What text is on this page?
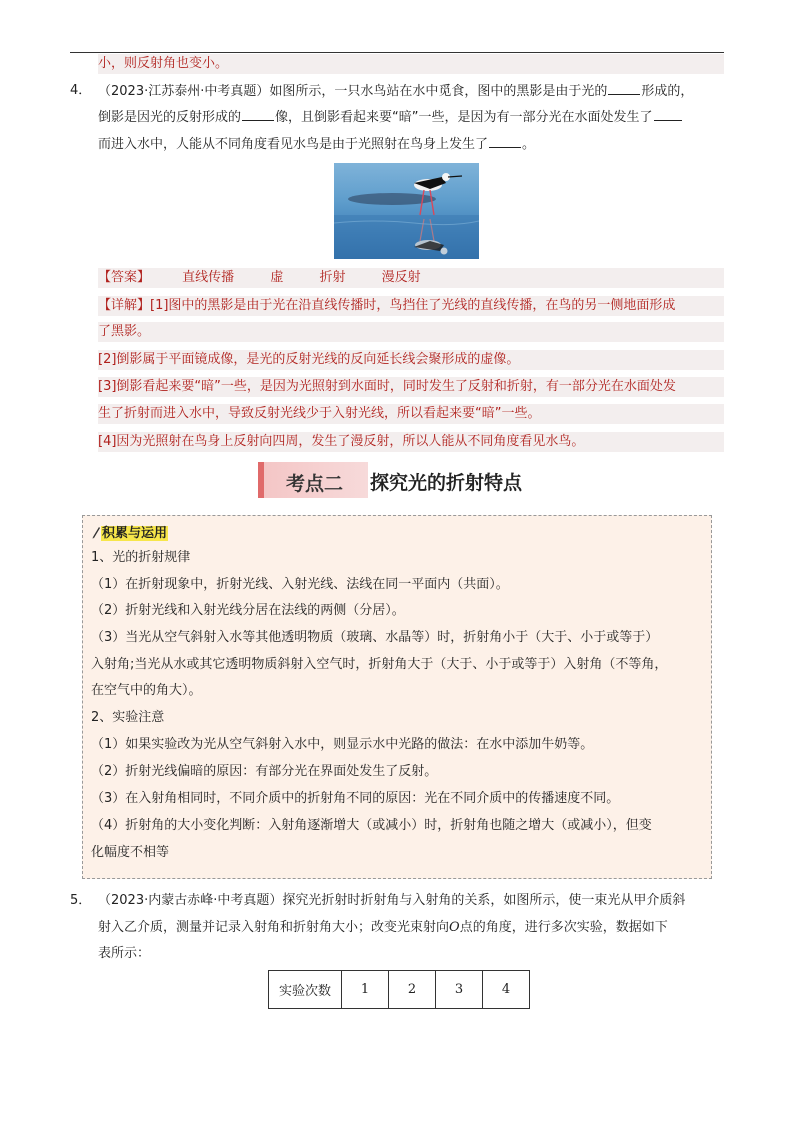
小，则反射角也变小。
4． （2023·江苏泰州·中考真题）如图所示，一只水鸟站在水中觅食，图中的黑影是由于光的	形成的，
倒影是因光的反射形成的	像，且倒影看起来要“暗”一些，是因为有一部分光在水面处发生了
而进入水中，人能从不同角度看见水鸟是由于光照射在鸟身上发生了	。
【答案】 直线传播	虚	折射	漫反射
【详解】[1]图中的黑影是由于光在沿直线传播时，鸟挡住了光线的直线传播，在鸟的另一侧地面形成
了黑影。
[2]倒影属于平面镜成像，是光的反射光线的反向延长线会聚形成的虚像。
[3]倒影看起来要“暗”一些，是因为光照射到水面时，同时发生了反射和折射，有一部分光在水面处发
生了折射而进入水中，导致反射光线少于入射光线，所以看起来要“暗”一些。
[4]因为光照射在鸟身上反射向四周，发生了漫反射，所以人能从不同角度看见水鸟。
考点二 探究光的折射特点
积累与运用
1、光的折射规律
（1）在折射现象中，折射光线、入射光线、法线在同一平面内（共面）。
（2）折射光线和入射光线分居在法线的两侧（分居）。
（3）当光从空气斜射入水等其他透明物质（玻璃、水晶等）时，折射角小于（大于、小于或等于）
入射角;当光从水或其它透明物质斜射入空气时，折射角大于（大于、小于或等于）入射角（不等角，
在空气中的角大）。
2、实验注意
（1）如果实验改为光从空气斜射入水中，则显示水中光路的做法：在水中添加牛奶等。
（2）折射光线偏暗的原因：有部分光在界面处发生了反射。
（3）在入射角相同时，不同介质中的折射角不同的原因：光在不同介质中的传播速度不同。
（4）折射角的大小变化判断：入射角逐渐增大（或减小）时，折射角也随之增大（或减小），但变
化幅度不相等
5． （2023·内蒙古赤峰·中考真题）探究光折射时折射角与入射角的关系，如图所示，使一束光从甲介质斜
射入乙介质，测量并记录入射角和折射角大小；改变光束射向O点的角度，进行多次实验，数据如下
表所示：
实验次数	1	2	3	4
